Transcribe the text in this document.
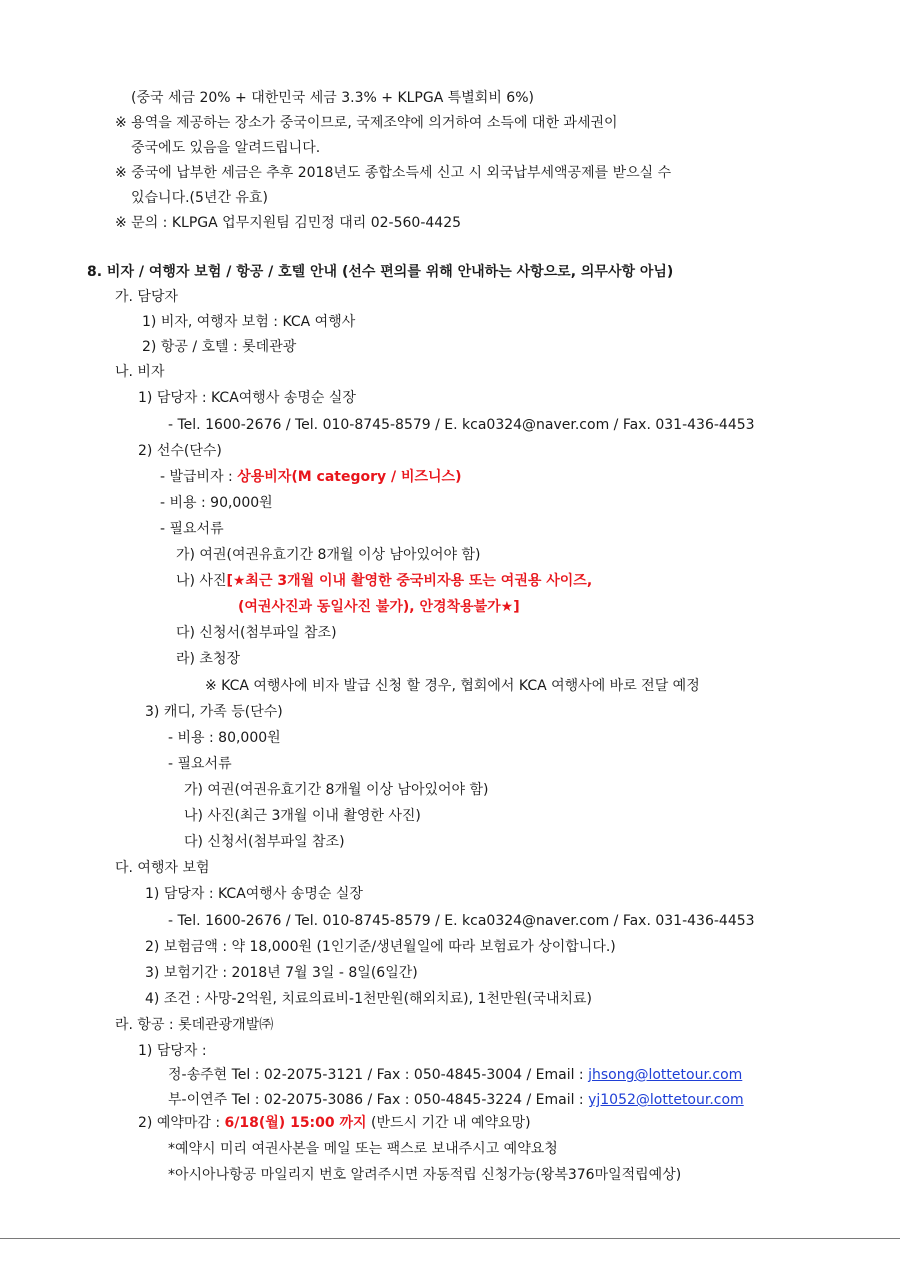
(중국 세금 20% + 대한민국 세금 3.3% + KLPGA 특별회비 6%)
※ 용역을 제공하는 장소가 중국이므로, 국제조약에 의거하여 소득에 대한 과세권이
중국에도 있음을 알려드립니다.
※ 중국에 납부한 세금은 추후 2018년도 종합소득세 신고 시 외국납부세액공제를 받으실 수
있습니다.(5년간 유효)
※ 문의 : KLPGA 업무지원팀 김민정 대리 02-560-4425
8. 비자 / 여행자 보험 / 항공 / 호텔 안내 (선수 편의를 위해 안내하는 사항으로, 의무사항 아님)
가. 담당자
1) 비자, 여행자 보험 : KCA 여행사
2) 항공 / 호텔 : 롯데관광
나. 비자
1) 담당자 : KCA여행사 송명순 실장
- Tel. 1600-2676 / Tel. 010-8745-8579 / E. kca0324@naver.com / Fax. 031-436-4453
2) 선수(단수)
- 발급비자 : 상용비자(M category / 비즈니스)
- 비용 : 90,000원
- 필요서류
가) 여권(여권유효기간 8개월 이상 남아있어야 함)
나) 사진[★최근 3개월 이내 촬영한 중국비자용 또는 여권용 사이즈,
(여권사진과 동일사진 불가), 안경착용불가★]
다) 신청서(첨부파일 참조)
라) 초청장
※ KCA 여행사에 비자 발급 신청 할 경우, 협회에서 KCA 여행사에 바로 전달 예정
3) 캐디, 가족 등(단수)
- 비용 : 80,000원
- 필요서류
가) 여권(여권유효기간 8개월 이상 남아있어야 함)
나) 사진(최근 3개월 이내 촬영한 사진)
다) 신청서(첨부파일 참조)
다. 여행자 보험
1) 담당자 : KCA여행사 송명순 실장
- Tel. 1600-2676 / Tel. 010-8745-8579 / E. kca0324@naver.com / Fax. 031-436-4453
2) 보험금액 : 약 18,000원 (1인기준/생년월일에 따라 보험료가 상이합니다.)
3) 보험기간 : 2018년 7월 3일 - 8일(6일간)
4) 조건 : 사망-2억원, 치료의료비-1천만원(해외치료), 1천만원(국내치료)
라. 항공 : 롯데관광개발㈜
1) 담당자 :
정-송주현 Tel : 02-2075-3121 / Fax : 050-4845-3004 / Email : jhsong@lottetour.com
부-이연주 Tel : 02-2075-3086 / Fax : 050-4845-3224 / Email : yj1052@lottetour.com
2) 예약마감 : 6/18(월) 15:00 까지 (반드시 기간 내 예약요망)
*예약시 미리 여권사본을 메일 또는 팩스로 보내주시고 예약요청
*아시아나항공 마일리지 번호 알려주시면 자동적립 신청가능(왕복376마일적립예상)
